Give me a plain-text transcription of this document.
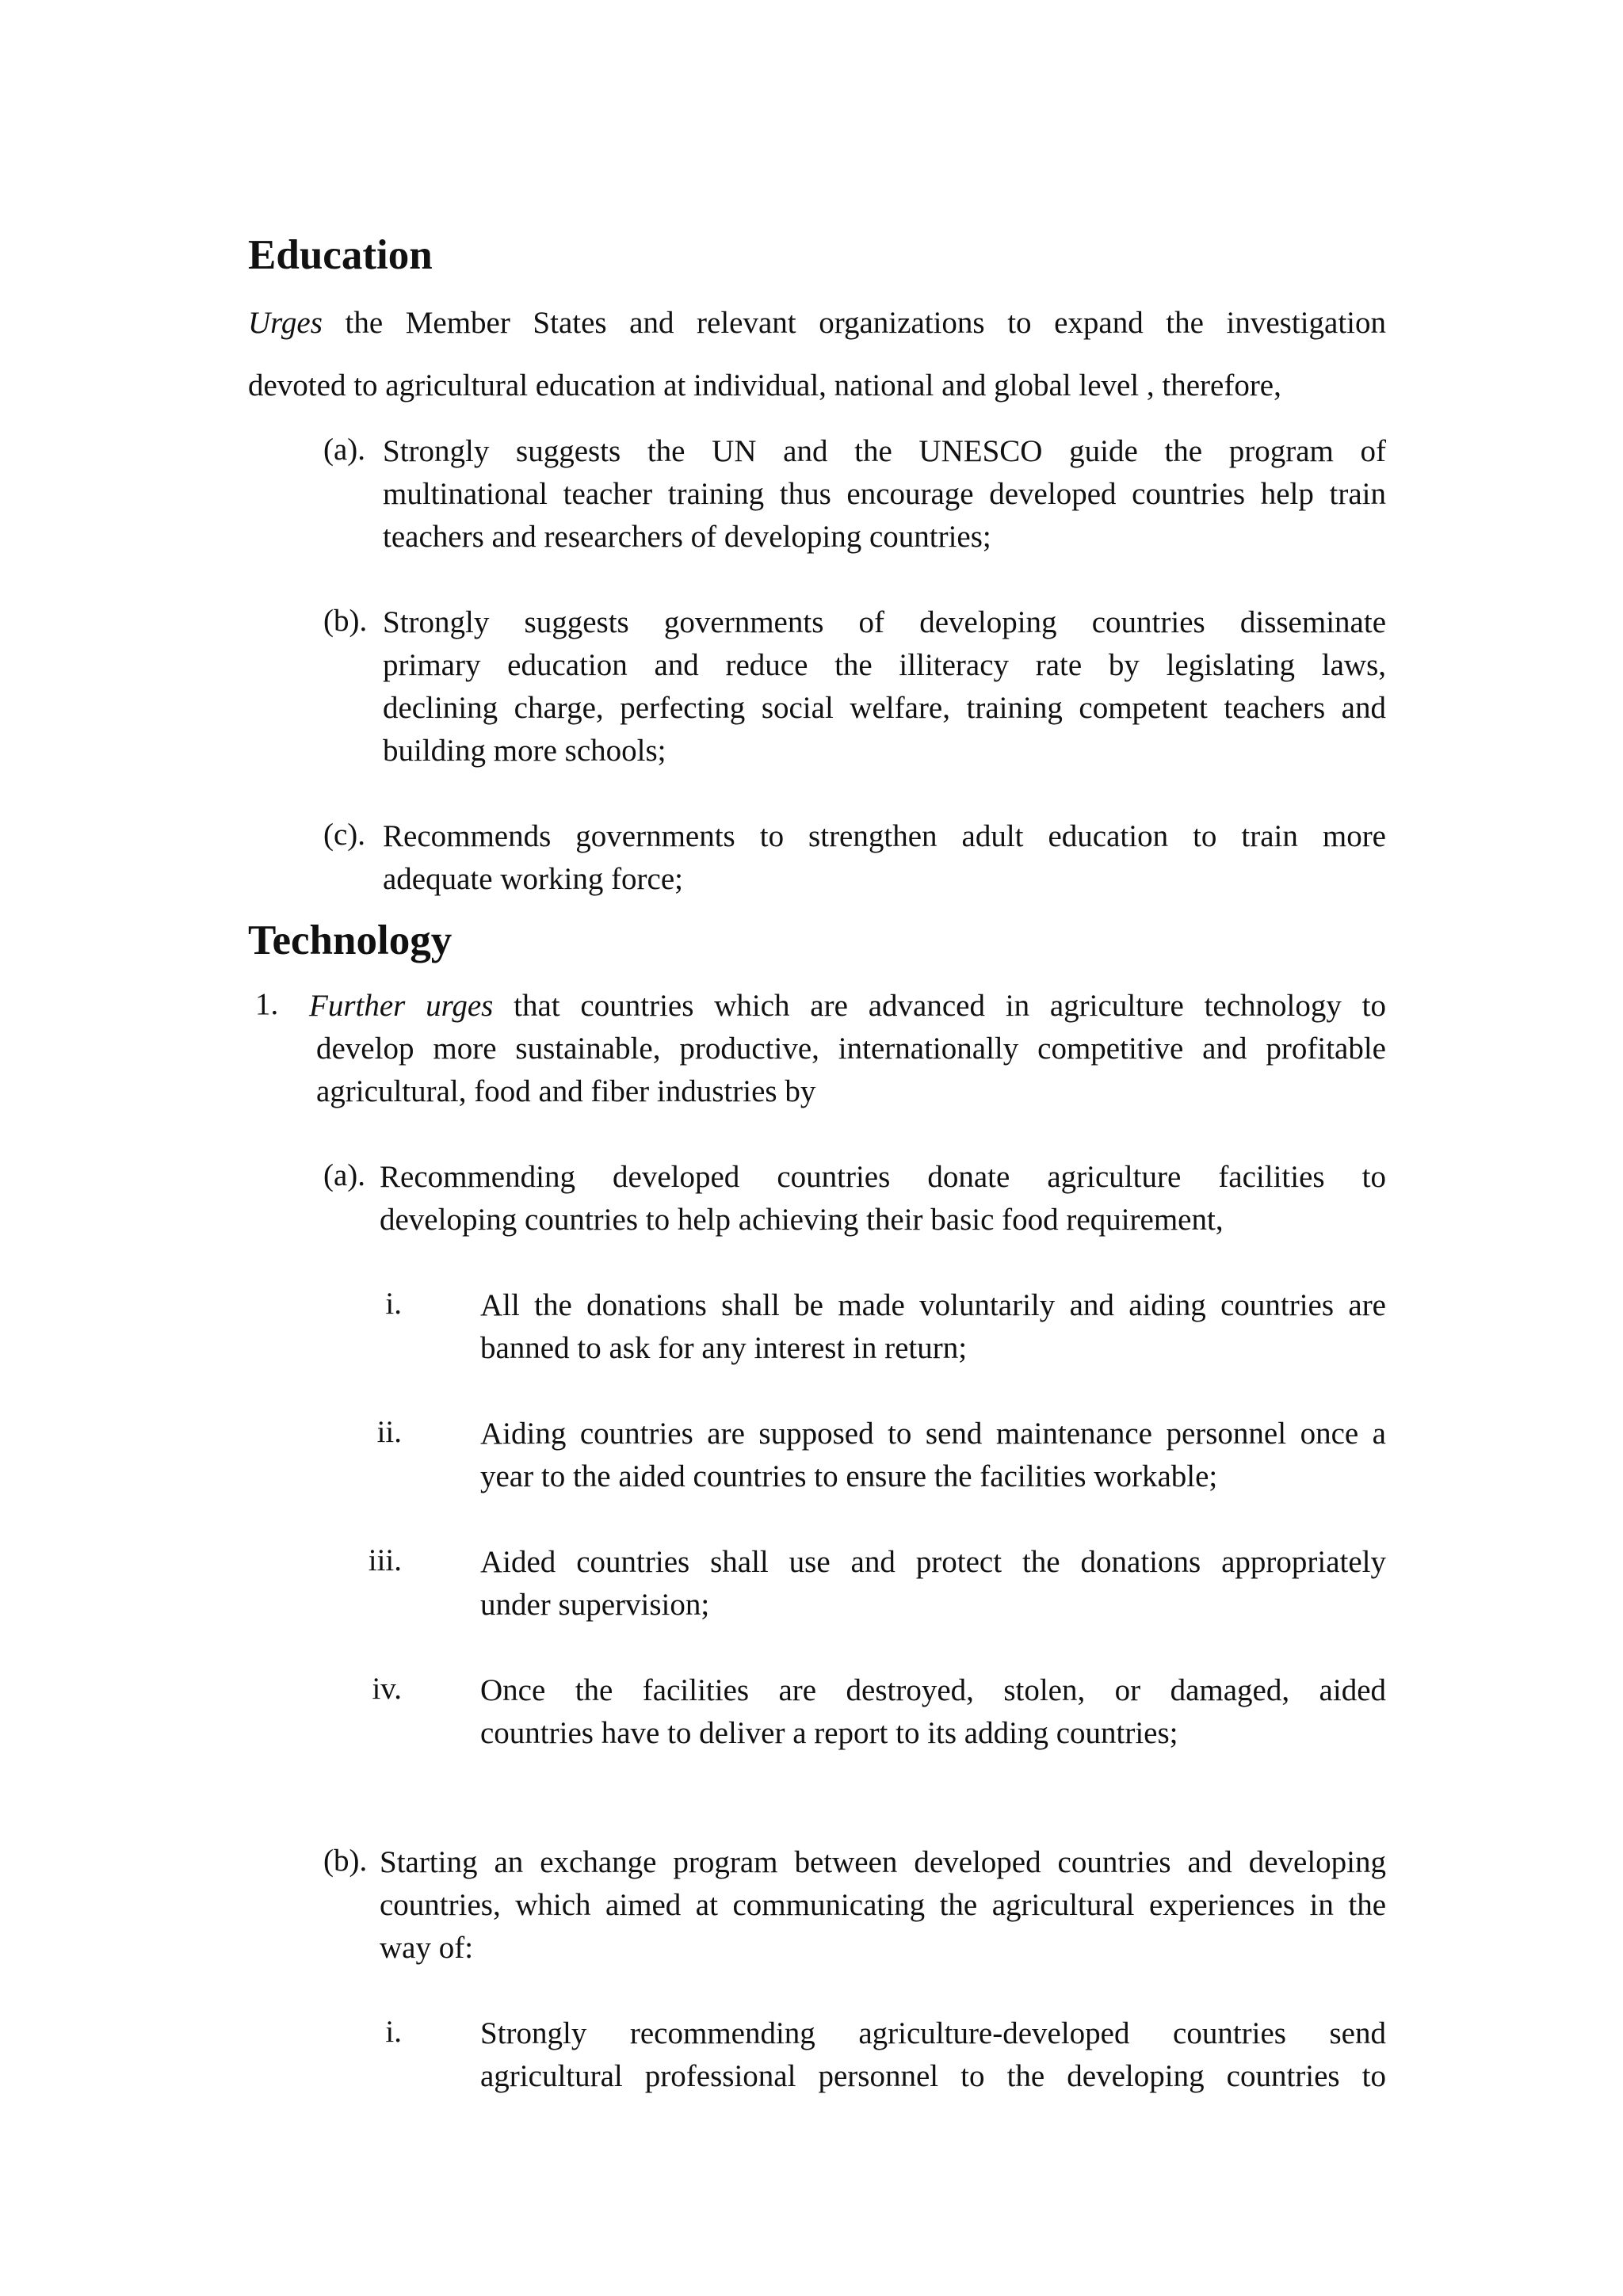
Education
Urges the Member States and relevant organizations to expand the investigation
devoted to agricultural education at individual, national and global level , therefore,
(a). Strongly suggests the UN and the UNESCO guide the program of
multinational teacher training thus encourage developed countries help train
teachers and researchers of developing countries;
(b). Strongly suggests governments of developing countries disseminate
primary education and reduce the illiteracy rate by legislating laws,
declining charge, perfecting social welfare, training competent teachers and
building more schools;
(c). Recommends governments to strengthen adult education to train more
adequate working force;
Technology
1. Further urges that countries which are advanced in agriculture technology to
develop more sustainable, productive, internationally competitive and profitable
agricultural, food and fiber industries by
(a). Recommending developed countries donate agriculture facilities to
developing countries to help achieving their basic food requirement,
i.	All the donations shall be made voluntarily and aiding countries are
banned to ask for any interest in return;
ii.	Aiding countries are supposed to send maintenance personnel once a
year to the aided countries to ensure the facilities workable;
iii.	Aided countries shall use and protect the donations appropriately
under supervision;
iv.	Once the facilities are destroyed, stolen, or damaged, aided
countries have to deliver a report to its adding countries;
(b). Starting an exchange program between developed countries and developing
countries, which aimed at communicating the agricultural experiences in the
way of:
i.	Strongly recommending agriculture-developed countries send
agricultural professional personnel to the developing countries to
